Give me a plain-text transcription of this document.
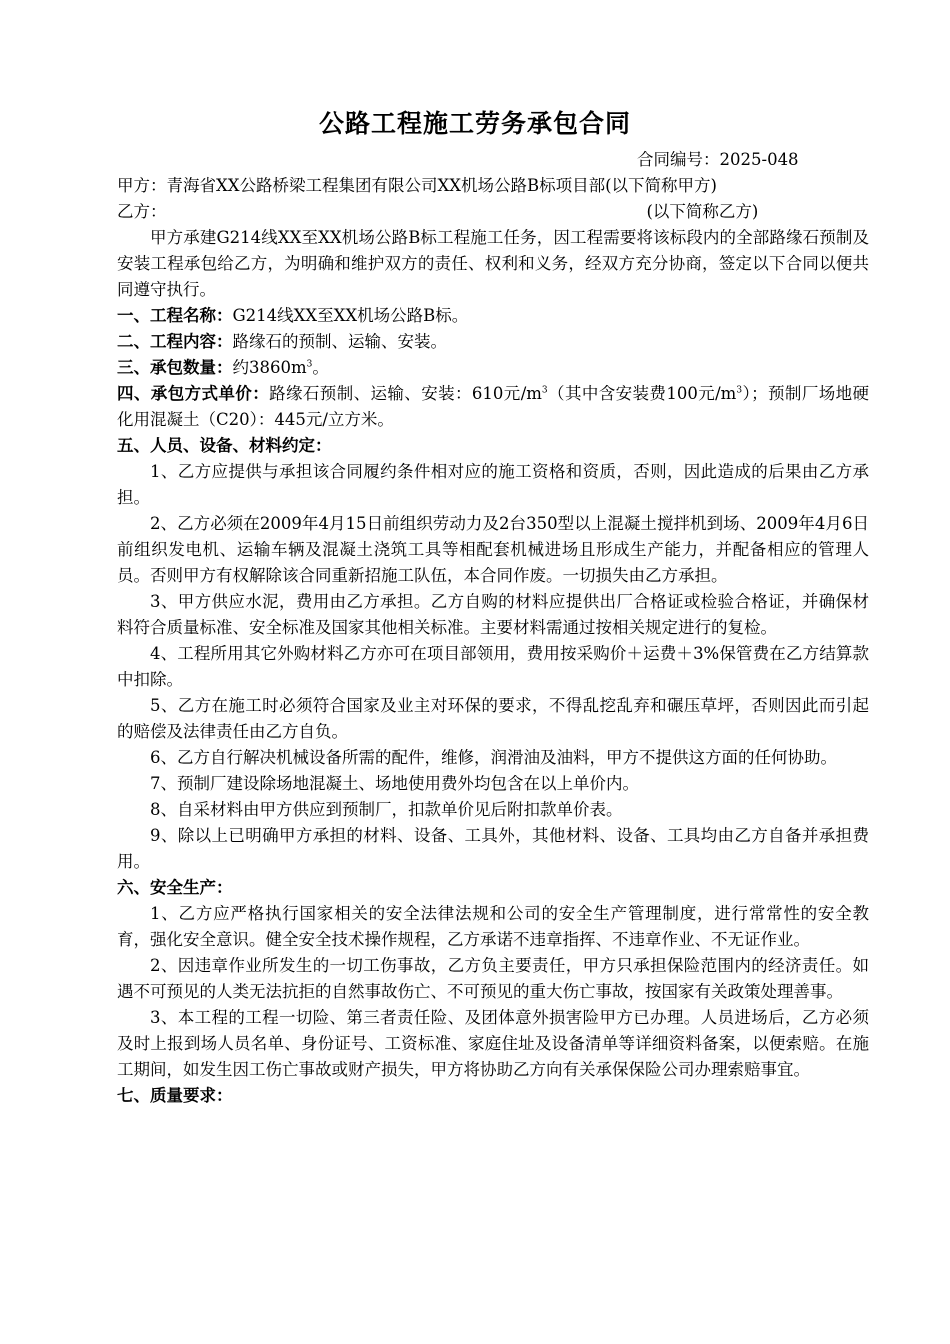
公路工程施工劳务承包合同
合同编号：2025-048
甲方：青海省XX公路桥梁工程集团有限公司XX机场公路B标项目部(以下简称甲方)
乙方：	(以下简称乙方)

甲方承建G214线XX至XX机场公路B标工程施工任务，因工程需要将该标段内的全部路缘石预制及安装工程承包给乙方，为明确和维护双方的责任、权利和义务，经双方充分协商，签定以下合同以便共同遵守执行。

一、工程名称：G214线XX至XX机场公路B标。
二、工程内容：路缘石的预制、运输、安装。
三、承包数量：约$3860m^3$。

四、承包方式单价：路缘石预制、运输、安装：610元$/m^3$（其中含安装费100元$/m^3$）；预制厂场地硬化用混凝土（C20）：445元/立方米。

五、人员、设备、材料约定：

1、乙方应提供与承担该合同履约条件相对应的施工资格和资质，否则，因此造成的后果由乙方承担。

2、乙方必须在2009年4月15日前组织劳动力及2台350型以上混凝土搅拌机到场、2009年4月6日前组织发电机、运输车辆及混凝土浇筑工具等相配套机械进场且形成生产能力，并配备相应的管理人员。否则甲方有权解除该合同重新招施工队伍，本合同作废。一切损失由乙方承担。

3、甲方供应水泥，费用由乙方承担。乙方自购的材料应提供出厂合格证或检验合格证，并确保材料符合质量标准、安全标准及国家其他相关标准。主要材料需通过按相关规定进行的复检。

4、工程所用其它外购材料乙方亦可在项目部领用，费用按采购价＋运费＋3%保管费在乙方结算款中扣除。

5、乙方在施工时必须符合国家及业主对环保的要求，不得乱挖乱弃和碾压草坪，否则因此而引起的赔偿及法律责任由乙方自负。

6、乙方自行解决机械设备所需的配件，维修，润滑油及油料，甲方不提供这方面的任何协助。

7、预制厂建设除场地混凝土、场地使用费外均包含在以上单价内。

8、自采材料由甲方供应到预制厂，扣款单价见后附扣款单价表。

9、除以上已明确甲方承担的材料、设备、工具外，其他材料、设备、工具均由乙方自备并承担费用。

六、安全生产：

1、乙方应严格执行国家相关的安全法律法规和公司的安全生产管理制度，进行常常性的安全教育，强化安全意识。健全安全技术操作规程，乙方承诺不违章指挥、不违章作业、不无证作业。

2、因违章作业所发生的一切工伤事故，乙方负主要责任，甲方只承担保险范围内的经济责任。如遇不可预见的人类无法抗拒的自然事故伤亡、不可预见的重大伤亡事故，按国家有关政策处理善事。

3、本工程的工程一切险、第三者责任险、及团体意外损害险甲方已办理。人员进场后，乙方必须及时上报到场人员名单、身份证号、工资标准、家庭住址及设备清单等详细资料备案，以便索赔。在施工期间，如发生因工伤亡事故或财产损失，甲方将协助乙方向有关承保保险公司办理索赔事宜。

七、质量要求：
